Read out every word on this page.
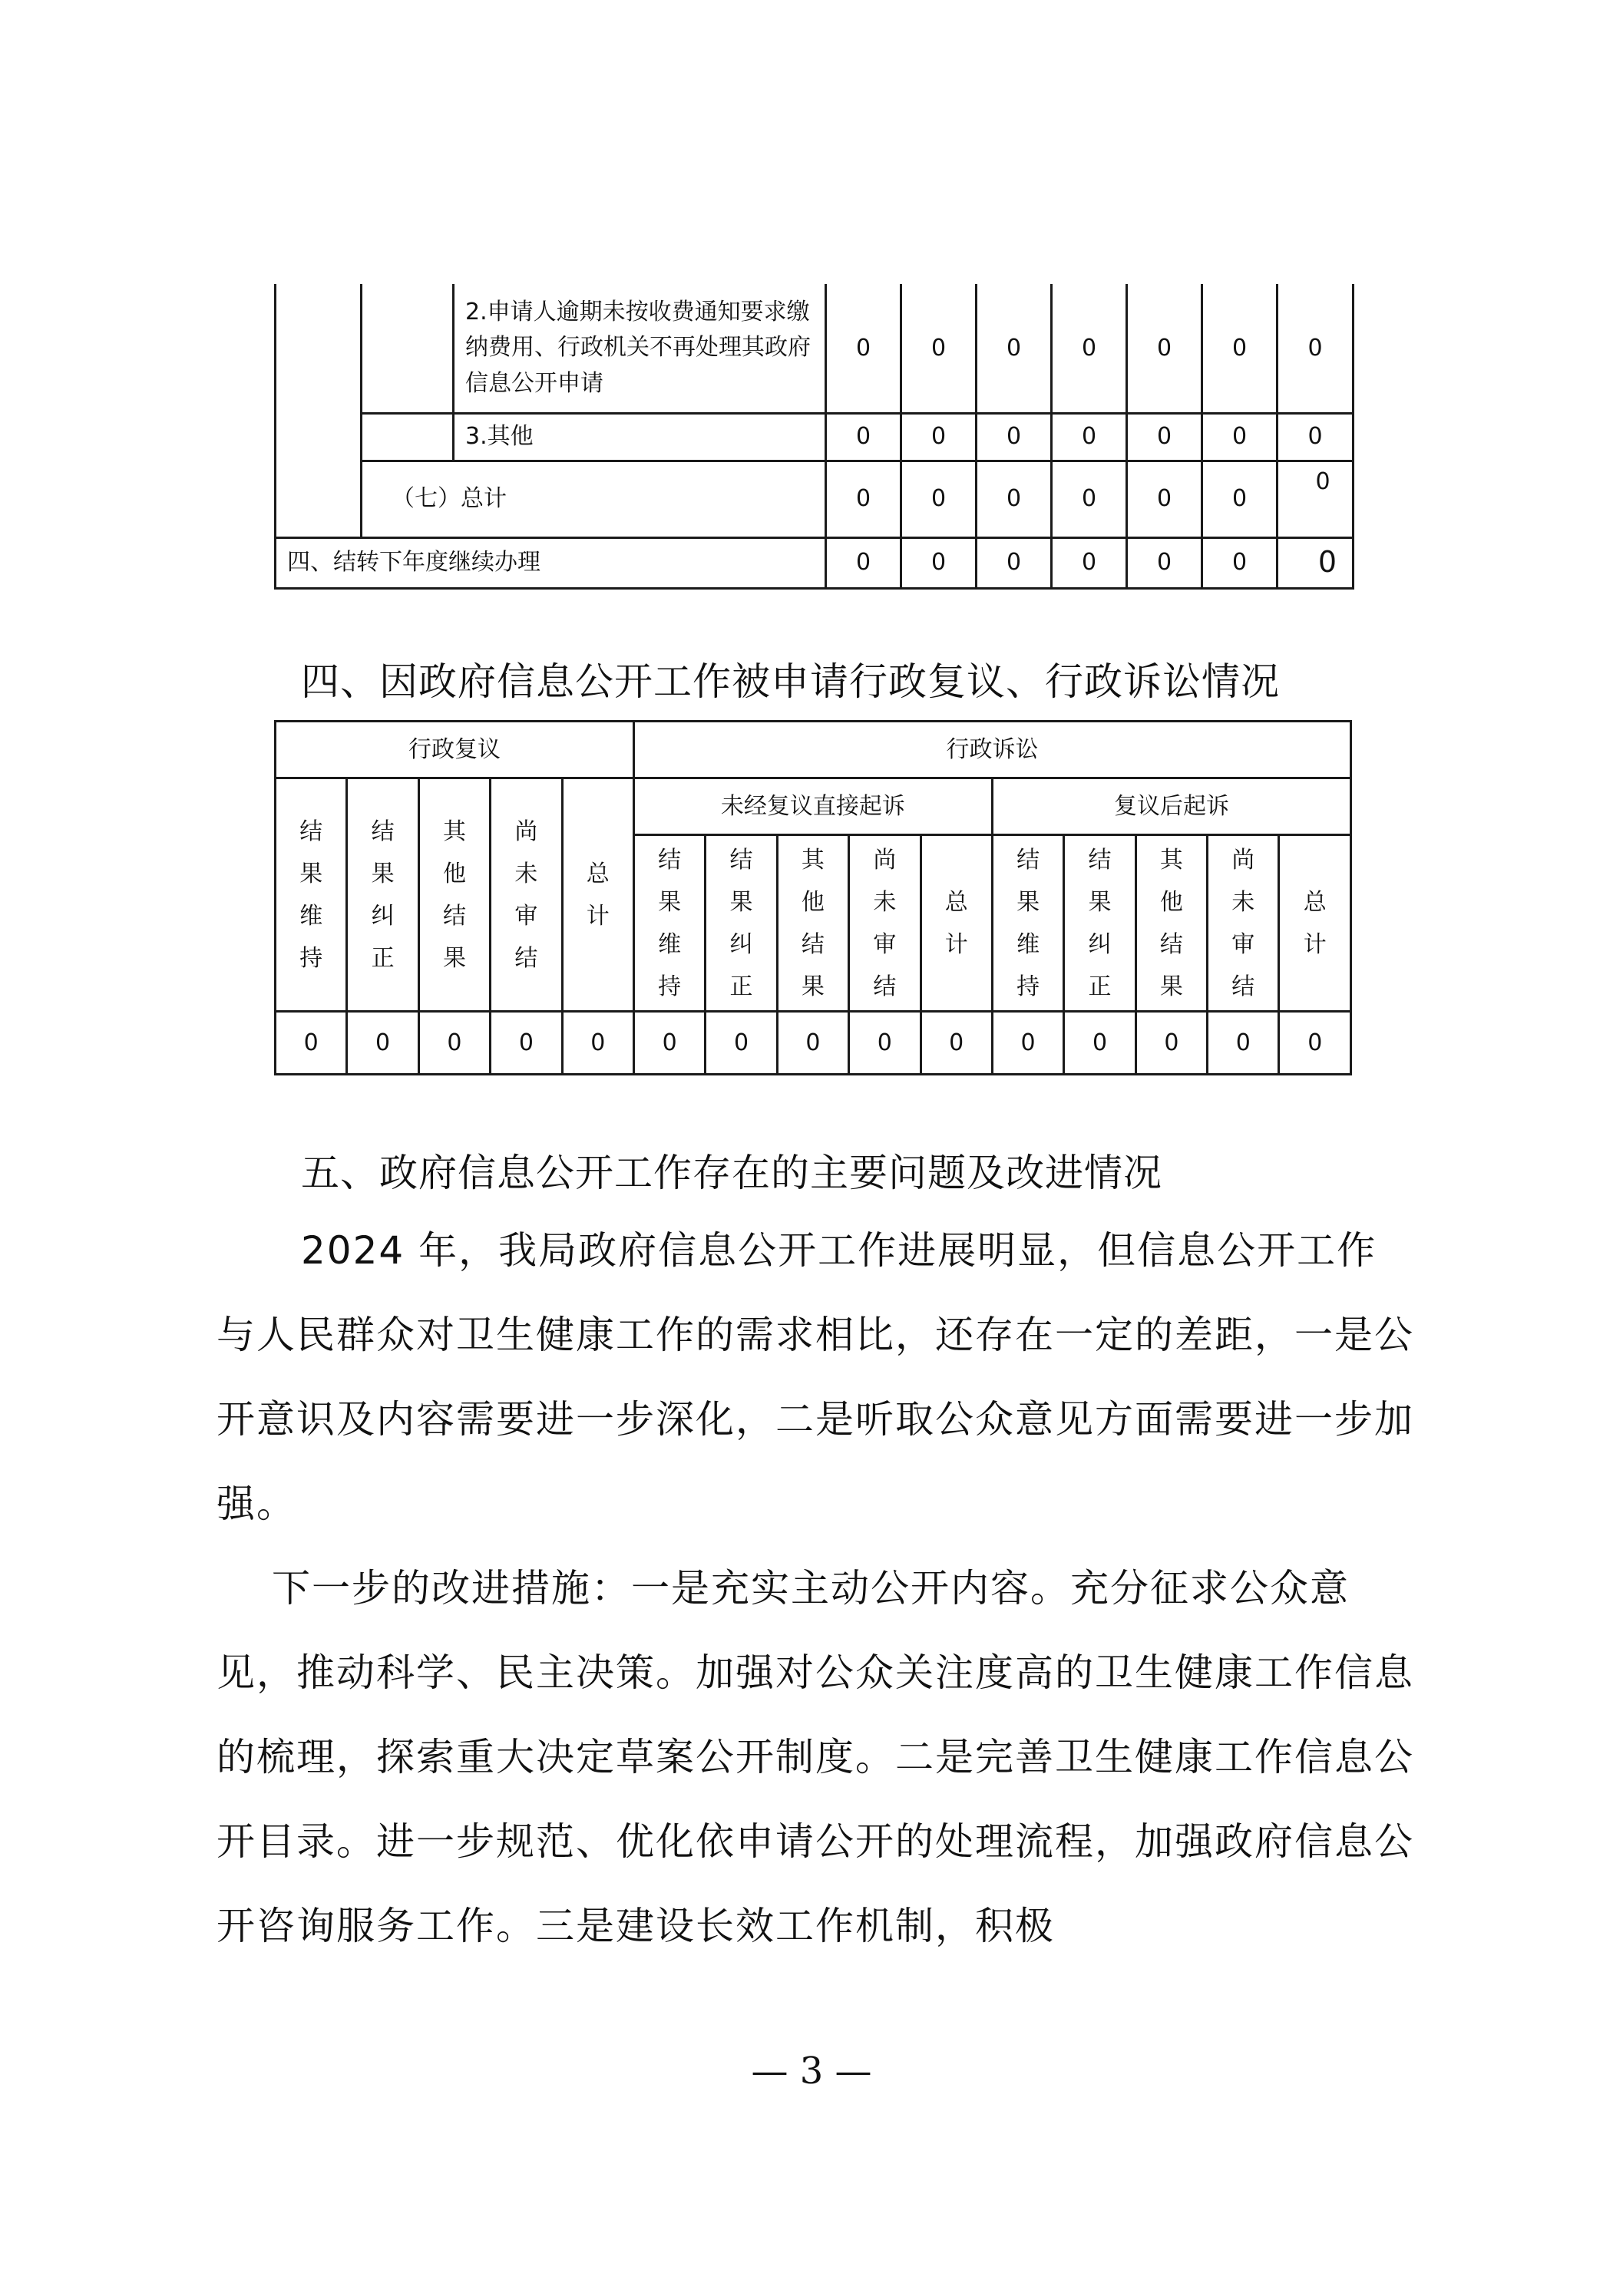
		2.申请人逾期未按收费通知要求缴纳费用、行政机关不再处理其政府信息公开申请	0	0	0	0	0	0	0
		3.其他	0	0	0	0	0	0	0
	（七）总计		0	0	0	0	0	0	0
四、结转下年度继续办理			0	0	0	0	0	0	0
四、因政府信息公开工作被申请行政复议、行政诉讼情况
行政复议					行政诉讼									
结果维持	结果纠正	其他结果	尚未审结	总计	未经复议直接起诉					复议后起诉				
					结果维持	结果纠正	其他结果	尚未审结	总计	结果维持	结果纠正	其他结果	尚未审结	总计
0	0	0	0	0	0	0	0	0	0	0	0	0	0	0
五、政府信息公开工作存在的主要问题及改进情况

2024 年，我局政府信息公开工作进展明显，但信息公开工作与人民群众对卫生健康工作的需求相比，还存在一定的差距，一是公开意识及内容需要进一步深化，二是听取公众意见方面需要进一步加强。

下一步的改进措施：一是充实主动公开内容。充分征求公众意见，推动科学、民主决策。加强对公众关注度高的卫生健康工作信息的梳理，探索重大决定草案公开制度。二是完善卫生健康工作信息公开目录。进一步规范、优化依申请公开的处理流程，加强政府信息公开咨询服务工作。三是建设长效工作机制，积极

— 3 —
